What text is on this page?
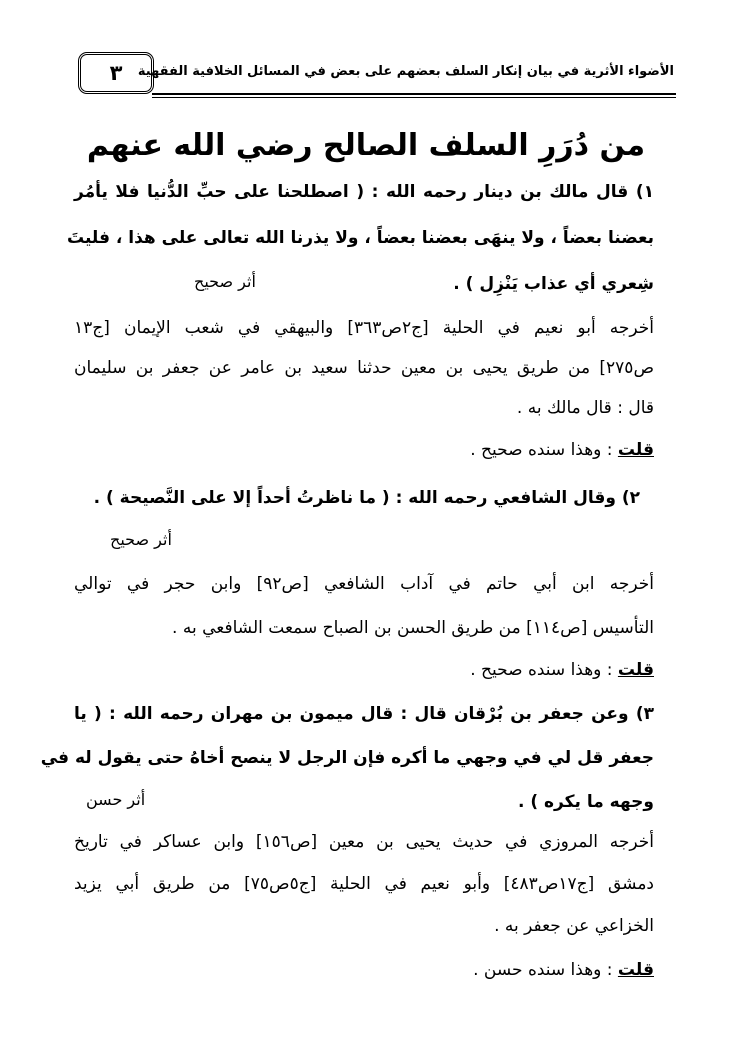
٣	الأضواء الأثرية في بيان إنكار السلف بعضهم على بعض في المسائل الخلافية الفقهية
من دُرَرِ السلف الصالح رضي الله عنهم
١) قال مالك بن دينار رحمه الله : ( اصطلحنا على حبِّ الدُّنيا فلا يأمُر
بعضنا بعضاً ، ولا ينهَى بعضنا بعضاً ، ولا يذرنا الله تعالى على هذا ، فليتَ
شِعري أي عذاب يَنْزِل ) .
أثر صحيح
أخرجه أبو نعيم في الحلية [ج٢ص٣٦٣] والبيهقي في شعب الإيمان [ج١٣
ص٢٧٥] من طريق يحيى بن معين حدثنا سعيد بن عامر عن جعفر بن سليمان
قال : قال مالك به .
قلت : وهذا سنده صحيح .
٢) وقال الشافعي رحمه الله : ( ما ناظرتُ أحداً إلا على النَّصيحة ) .
أثر صحيح
أخرجه ابن أبي حاتم في آداب الشافعي [ص٩٢] وابن حجر في توالي
التأسيس [ص١١٤] من طريق الحسن بن الصباح سمعت الشافعي به .
قلت : وهذا سنده صحيح .
٣) وعن جعفر بن بُرْقان قال : قال ميمون بن مهران رحمه الله : ( يا
جعفر قل لي في وجهي ما أكره فإن الرجل لا ينصح أخاهُ حتى يقول له في
وجهه ما يكره ) .
أثر حسن
أخرجه المروزي في حديث يحيى بن معين [ص١٥٦] وابن عساكر في تاريخ
دمشق [ج١٧ص٤٨٣] وأبو نعيم في الحلية [ج٥ص٧٥] من طريق أبي يزيد
الخزاعي عن جعفر به .
قلت : وهذا سنده حسن .
